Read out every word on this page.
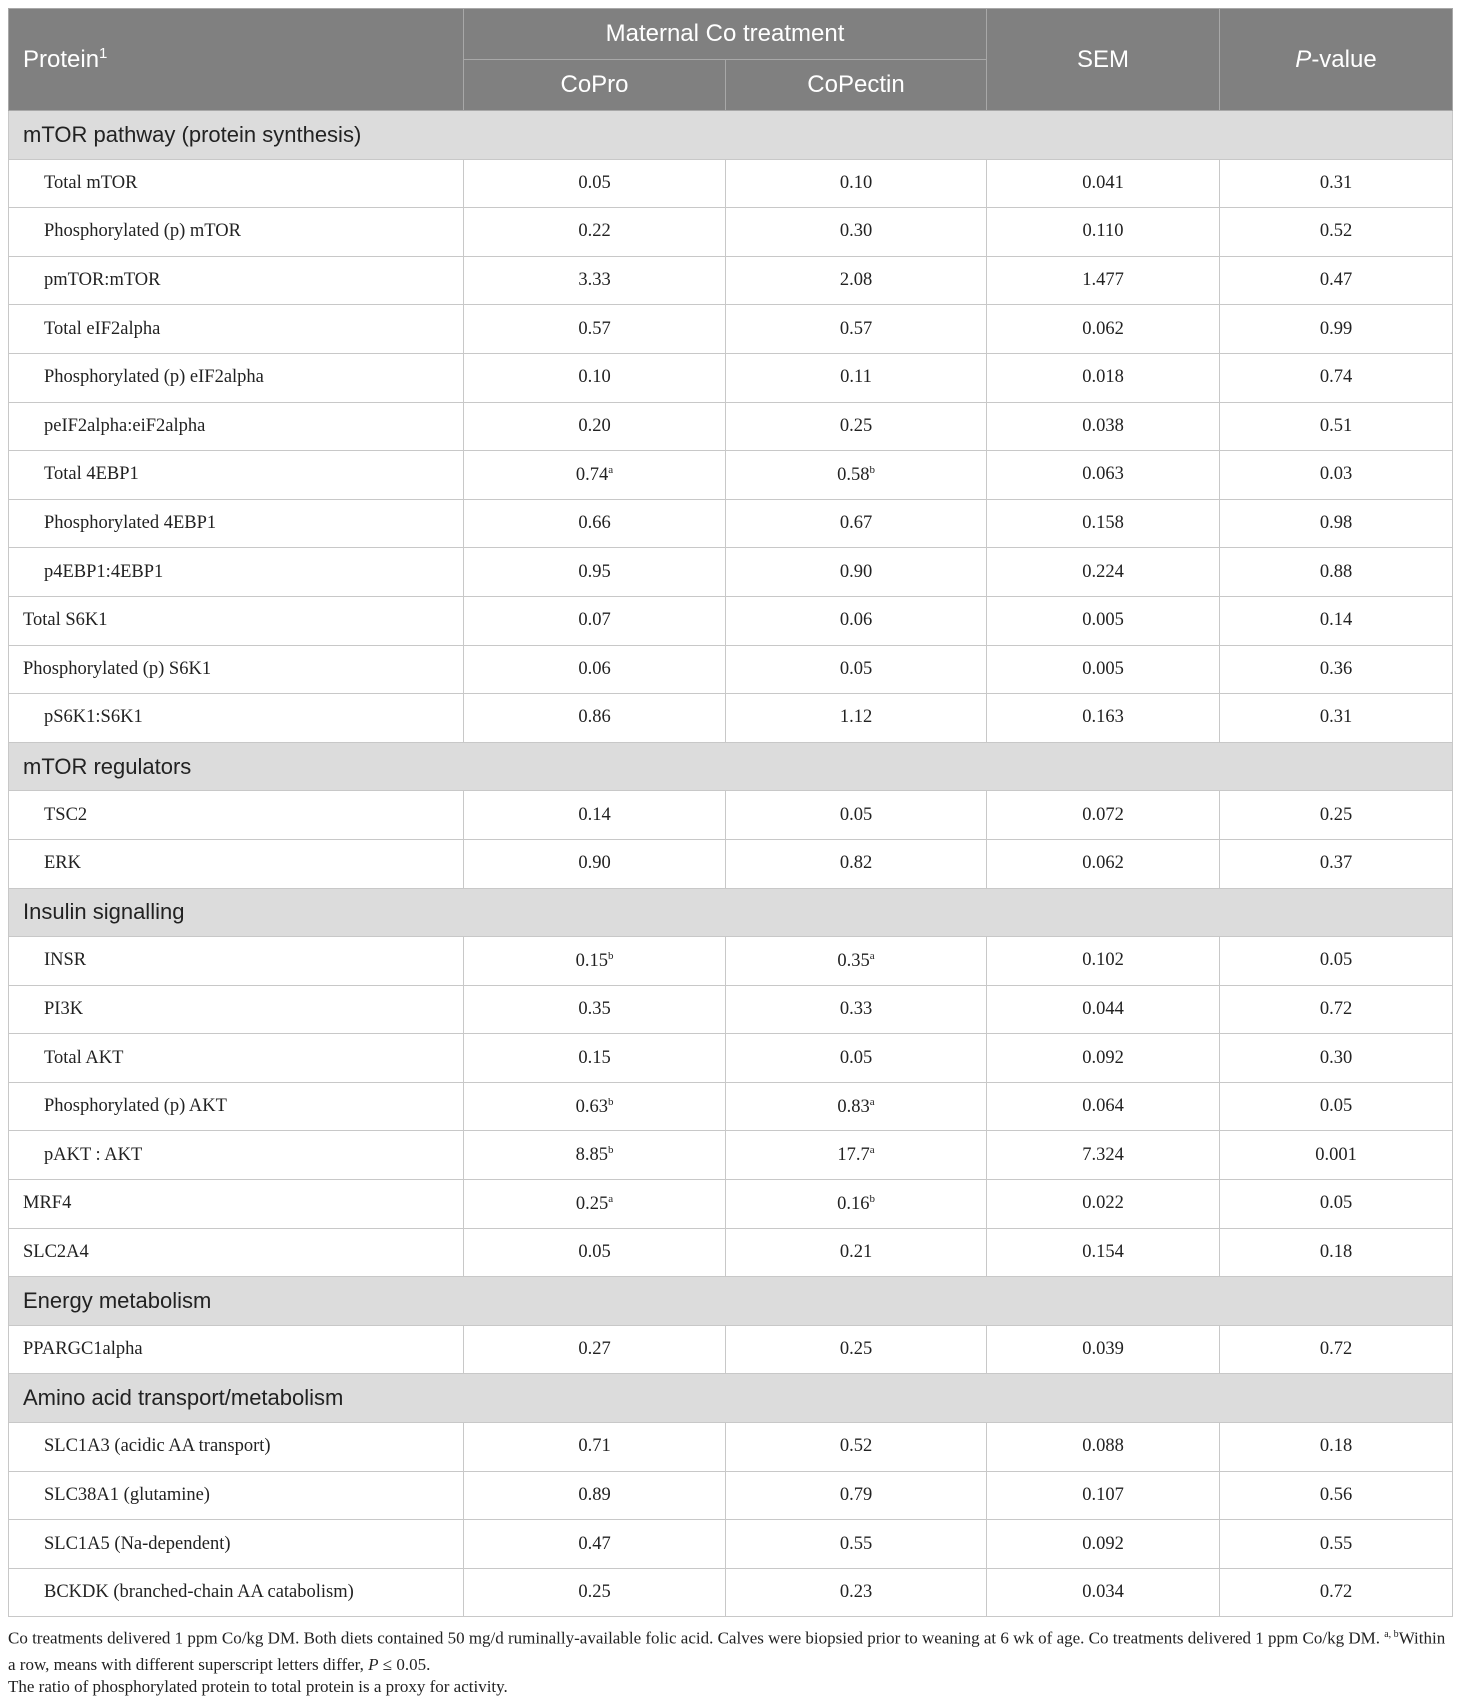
Protein$^1$	Maternal Co treatment		SEM	P-value
	CoPro	CoPectin		
mTOR pathway (protein synthesis)				
Total mTOR	0.05	0.10	0.041	0.31
Phosphorylated (p) mTOR	0.22	0.30	0.110	0.52
pmTOR:mTOR	3.33	2.08	1.477	0.47
Total eIF2alpha	0.57	0.57	0.062	0.99
Phosphorylated (p) eIF2alpha	0.10	0.11	0.018	0.74
peIF2alpha:eiF2alpha	0.20	0.25	0.038	0.51
Total 4EBP1	0.74$^a$	0.58$^b$	0.063	0.03
Phosphorylated 4EBP1	0.66	0.67	0.158	0.98
p4EBP1:4EBP1	0.95	0.90	0.224	0.88
Total S6K1	0.07	0.06	0.005	0.14
Phosphorylated (p) S6K1	0.06	0.05	0.005	0.36
pS6K1:S6K1	0.86	1.12	0.163	0.31
mTOR regulators				
TSC2	0.14	0.05	0.072	0.25
ERK	0.90	0.82	0.062	0.37
Insulin signalling				
INSR	0.15$^b$	0.35$^a$	0.102	0.05
PI3K	0.35	0.33	0.044	0.72
Total AKT	0.15	0.05	0.092	0.30
Phosphorylated (p) AKT	0.63$^b$	0.83$^a$	0.064	0.05
pAKT : AKT	8.85$^b$	17.7$^a$	7.324	0.001
MRF4	0.25$^a$	0.16$^b$	0.022	0.05
SLC2A4	0.05	0.21	0.154	0.18
Energy metabolism				
PPARGC1alpha	0.27	0.25	0.039	0.72
Amino acid transport/metabolism				
SLC1A3 (acidic AA transport)	0.71	0.52	0.088	0.18
SLC38A1 (glutamine)	0.89	0.79	0.107	0.56
SLC1A5 (Na-dependent)	0.47	0.55	0.092	0.55
BCKDK (branched-chain AA catabolism)	0.25	0.23	0.034	0.72
Co treatments delivered 1 ppm Co/kg DM. Both diets contained 50 mg/d ruminally-available folic acid. Calves were biopsied prior to weaning at 6 wk of age. Co treatments delivered 1 ppm Co/kg DM. $^{a, b}$Within a row, means with different superscript letters differ, P ≤ 0.05.
The ratio of phosphorylated protein to total protein is a proxy for activity.
